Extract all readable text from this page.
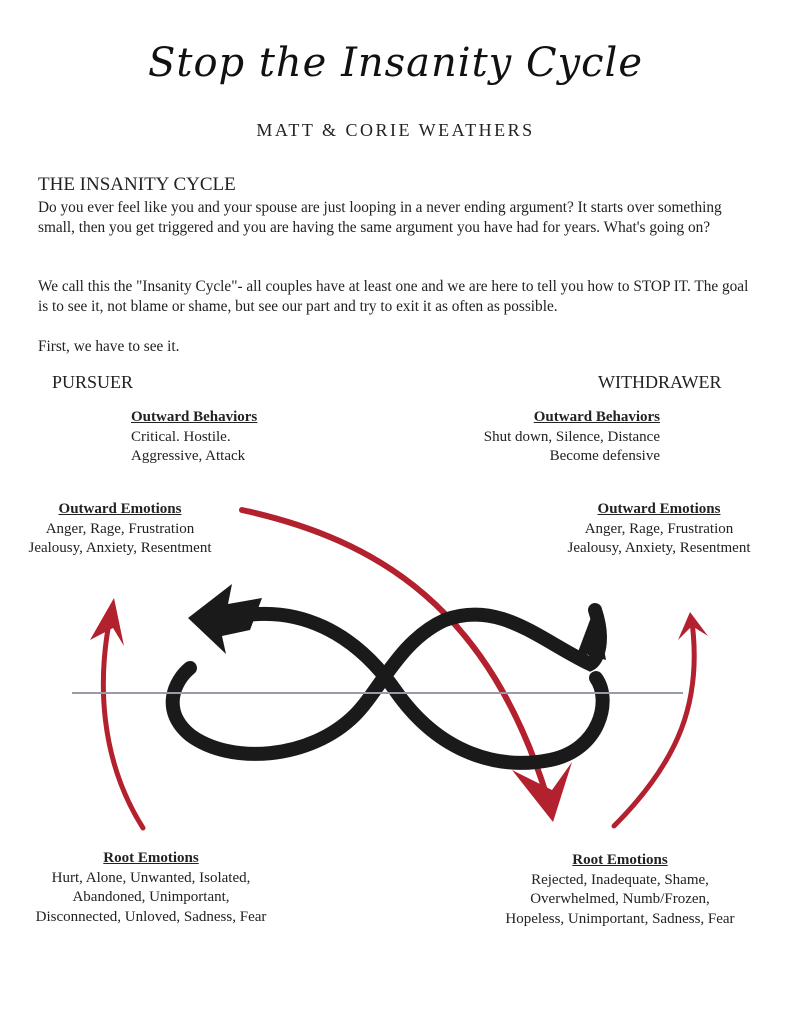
Stop the Insanity Cycle
MATT & CORIE WEATHERS
THE INSANITY CYCLE

Do you ever feel like you and your spouse are just looping in a never ending argument? It starts over something small, then you get triggered and you are having the same argument you have had for years. What's going on?

We call this the "Insanity Cycle"- all couples have at least one and we are here to tell you how to STOP IT. The goal is to see it, not blame or shame, but see our part and try to exit it as often as possible.

First, we have to see it.

PURSUER	WITHDRAWER
Outward Behaviors
Critical. Hostile.
Aggressive, Attack
Outward Behaviors
Shut down, Silence, Distance
Become defensive
Outward Emotions
Anger, Rage, Frustration
Jealousy, Anxiety, Resentment
Outward Emotions
Anger, Rage, Frustration
Jealousy, Anxiety, Resentment
Root Emotions
Hurt, Alone, Unwanted, Isolated,
Abandoned, Unimportant,
Disconnected, Unloved, Sadness, Fear
Root Emotions
Rejected, Inadequate, Shame,
Overwhelmed, Numb/Frozen,
Hopeless, Unimportant, Sadness, Fear
